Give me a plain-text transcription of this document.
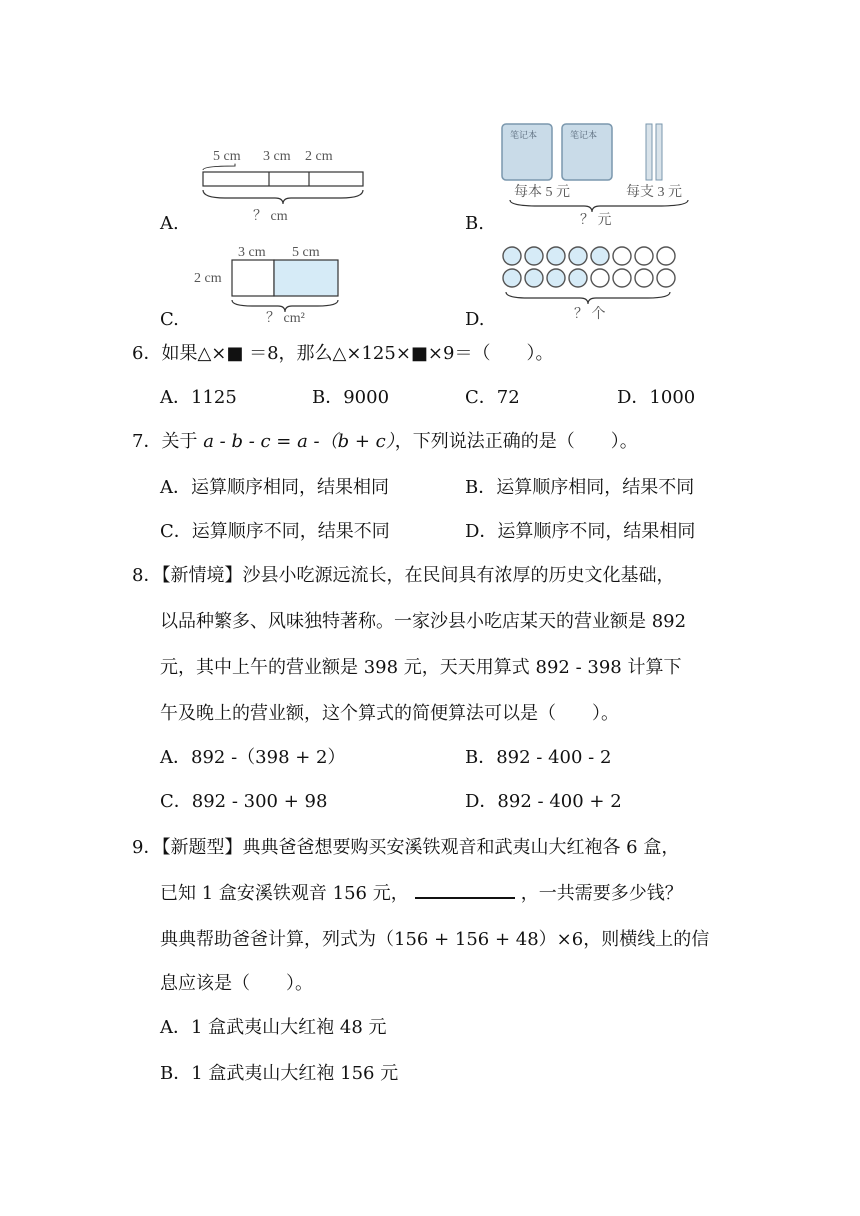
A.
5 cm 3 cm 2 cm
？ cm	B.
笔记本	笔记本
每本 5 元	每支 3 元
？ 元
C.
3 cm 5 cm
2 cm
？ cm²	D.	？ 个
6．如果△×■ ＝8，那么△×125×■×9＝（　　）。
A．1125	B．9000	C．72	D．1000
7．关于 a - b - c = a -（b + c），下列说法正确的是（　　）。
A．运算顺序相同，结果相同	B．运算顺序相同，结果不同
C．运算顺序不同，结果不同	D．运算顺序不同，结果相同
8．【新情境】沙县小吃源远流长，在民间具有浓厚的历史文化基础，
以品种繁多、风味独特著称。一家沙县小吃店某天的营业额是 892
元，其中上午的营业额是 398 元，天天用算式 892 - 398 计算下
午及晚上的营业额，这个算式的简便算法可以是（　　）。
A．892 -（398 + 2）	B．892 - 400 - 2
C．892 - 300 + 98	D．892 - 400 + 2
9．【新题型】典典爸爸想要购买安溪铁观音和武夷山大红袍各 6 盒，
已知 1 盒安溪铁观音 156 元，	，一共需要多少钱？
典典帮助爸爸计算，列式为（156 + 156 + 48）×6，则横线上的信
息应该是（　　）。
A．1 盒武夷山大红袍 48 元
B．1 盒武夷山大红袍 156 元
